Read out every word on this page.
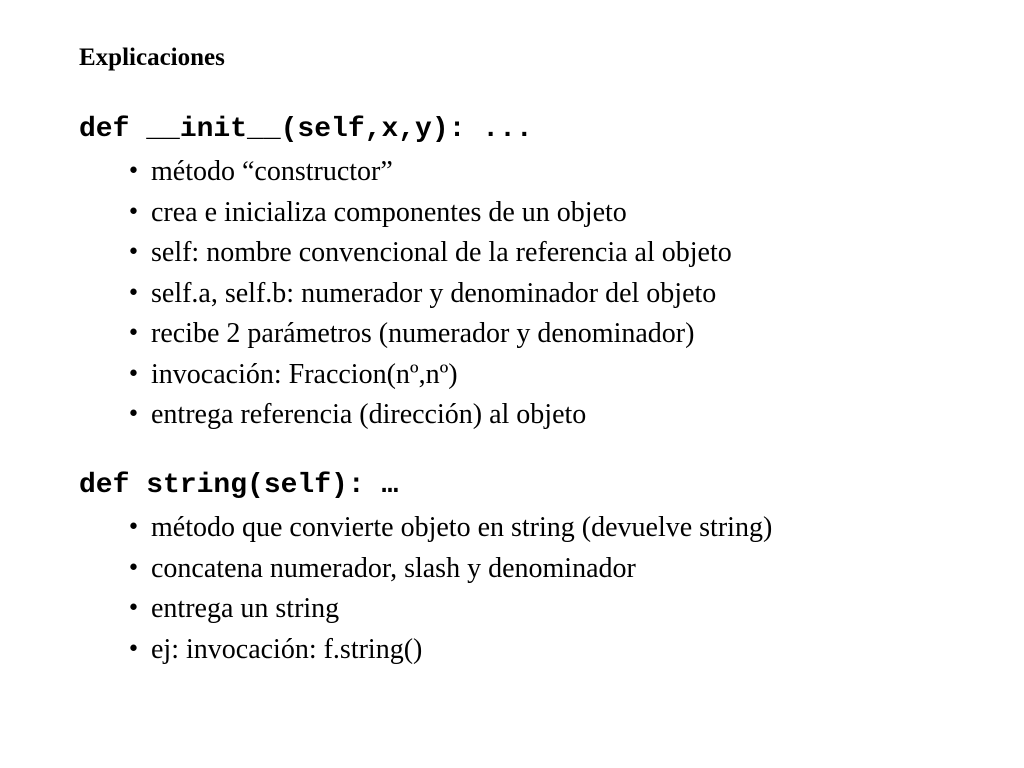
Explicaciones
def __init__(self,x,y): ...
• método “constructor”
• crea e inicializa componentes de un objeto
• self: nombre convencional de la referencia al objeto
• self.a, self.b: numerador y denominador del objeto
• recibe 2 parámetros (numerador y denominador)
• invocación: Fraccion(nº,nº)
• entrega referencia (dirección) al objeto
def string(self): …
• método que convierte objeto en string (devuelve string)
• concatena numerador, slash y denominador
• entrega un string
• ej: invocación: f.string()
